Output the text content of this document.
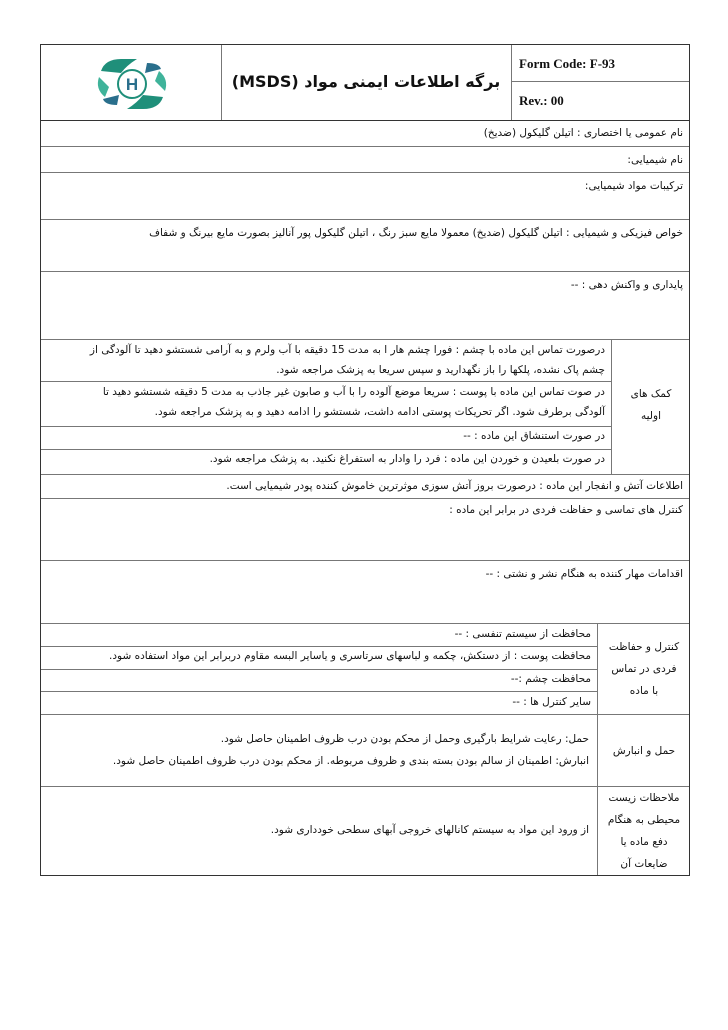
H	برگه اطلاعات ایمنی مواد (MSDS)
Form Code: F-93
Rev.: 00
نام عمومی یا اختصاری : اتیلن گلیکول (ضدیخ)
نام شیمیایی:
ترکیبات مواد شیمیایی:
خواص فیزیکی و شیمیایی : اتیلن گلیکول (ضدیخ) معمولا مایع سبز رنگ ، اتیلن گلیکول پور آنالیز بصورت مایع بیرنگ و شفاف
پایداری و واکنش دهی : --
کمک های
اولیه
درصورت تماس این ماده با چشم : فورا چشم هار ا به مدت 15 دقیقه با آب ولرم و به آرامی شستشو دهید تا آلودگی از
چشم پاک نشده، پلکها را باز نگهدارید و سپس سریعا به پزشک مراجعه شود.
در صوت تماس این ماده با پوست : سریعا موضع آلوده را با آب و صابون غیر جاذب به مدت 5 دقیقه شستشو دهید تا
آلودگی برطرف شود. اگر تحریکات پوستی ادامه داشت، شستشو را ادامه دهید و به پزشک مراجعه شود.
در صورت استنشاق این ماده : --
در صورت بلعیدن و خوردن این ماده : فرد را وادار به استفراغ نکنید. به پزشک مراجعه شود.
اطلاعات آتش و انفجار این ماده : درصورت بروز آتش سوزی موثرترین خاموش کننده پودر شیمیایی است.
کنترل های تماسی و حفاظت فردی در برابر این ماده :
اقدامات مهار کننده به هنگام نشر و نشتی : --
کنترل و حفاظت
فردی در تماس
با ماده
محافظت از سیستم تنفسی : --
محافظت پوست : از دستکش، چکمه و لباسهای سرتاسری و یاسایر البسه مقاوم دربرابر این مواد استفاده شود.
محافظت چشم :--
سایر کنترل ها : --
حمل و انبارش
حمل: رعایت شرایط بارگیری وحمل از محکم بودن درب ظروف اطمینان حاصل شود.
انبارش: اطمینان از سالم بودن بسته بندی و ظروف مربوطه. از محکم بودن درب ظروف اطمینان حاصل شود.
ملاحظات زیست
محیطی به هنگام
دفع ماده یا
ضایعات آن
از ورود این مواد به سیستم کانالهای خروجی آبهای سطحی خودداری شود.
